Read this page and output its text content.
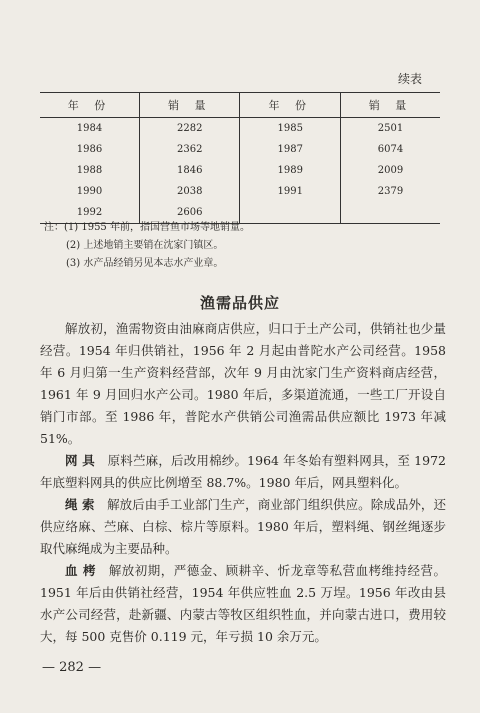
续表
年 份	销 量	年 份	销 量
1984	2282	1985	2501
1986	2362	1987	6074
1988	1846	1989	2009
1990	2038	1991	2379
1992	2606		
注：(1) 1955 年前，指国营鱼市场等地销量。
(2) 上述地销主要销在沈家门镇区。
(3) 水产品经销另见本志水产业章。
渔需品供应

解放初，渔需物资由油麻商店供应，归口于土产公司，供销社也少量经营。1954 年归供销社，1956 年 2 月起由普陀水产公司经营。1958 年 6 月归第一生产资料经营部，次年 9 月由沈家门生产资料商店经营，1961 年 9 月回归水产公司。1980 年后，多渠道流通，一些工厂开设自销门市部。至 1986 年，普陀水产供销公司渔需品供应额比 1973 年减 51%。

网 具　原料苎麻，后改用棉纱。1964 年冬始有塑料网具，至 1972 年底塑料网具的供应比例增至 88.7%。1980 年后，网具塑料化。

绳 索　解放后由手工业部门生产，商业部门组织供应。除成品外，还供应络麻、苎麻、白棕、棕片等原料。1980 年后，塑料绳、钢丝绳逐步取代麻绳成为主要品种。

血 栲　解放初期，严德金、顾耕辛、忻龙章等私营血栲维持经营。1951 年后由供销社经营，1954 年供应牲血 2.5 万埕。1956 年改由县水产公司经营，赴新疆、内蒙古等牧区组织牲血，并向蒙古进口，费用较大，每 500 克售价 0.119 元，年亏损 10 余万元。

— 282 —
